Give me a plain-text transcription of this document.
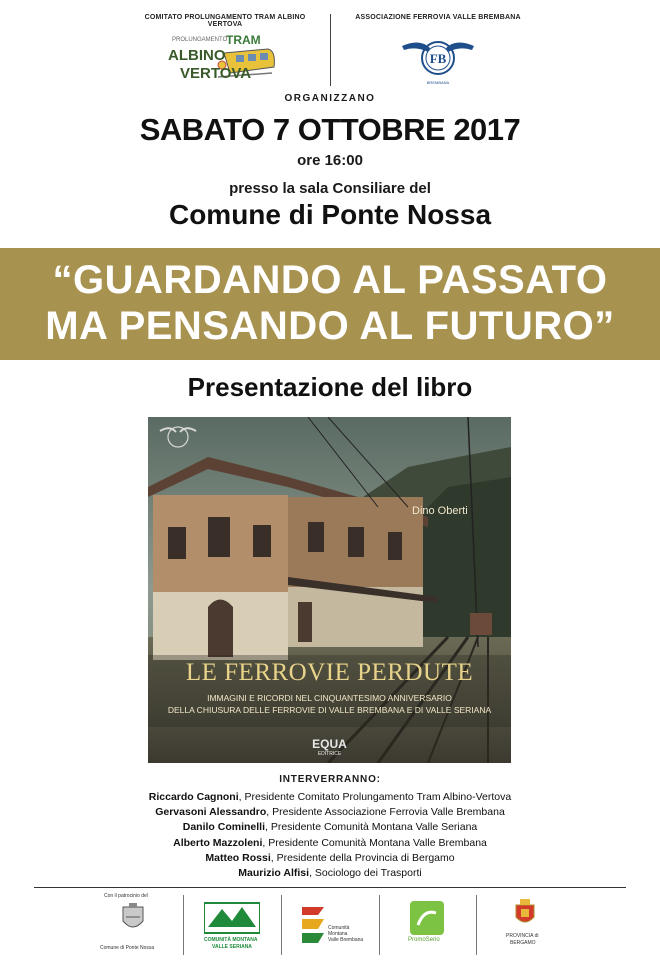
COMITATO PROLUNGAMENTO TRAM ALBINO VERTOVA
ASSOCIAZIONE FERROVIA VALLE BREMBANA
PROLUNGAMENTO
TRAM
ALBINO
VERTOVA
FB
BREMBANA
ORGANIZZANO
SABATO 7 OTTOBRE 2017
ore 16:00
presso la sala Consiliare del
Comune di Ponte Nossa
“GUARDANDO AL PASSATO
MA PENSANDO AL FUTURO”
Presentazione del libro
Dino Oberti
LE FERROVIE PERDUTE
IMMAGINI E RICORDI NEL CINQUANTESIMO ANNIVERSARIO
DELLA CHIUSURA DELLE FERROVIE DI VALLE BREMBANA E DI VALLE SERIANA
EQUA
EDITRICE
INTERVERRANNO:
Riccardo Cagnoni, Presidente Comitato Prolungamento Tram Albino-Vertova
Gervasoni Alessandro, Presidente Associazione Ferrovia Valle Brembana
Danilo Cominelli, Presidente Comunità Montana Valle Seriana
Alberto Mazzoleni, Presidente Comunità Montana Valle Brembana
Matteo Rossi, Presidente della Provincia di Bergamo
Maurizio Alfisi, Sociologo dei Trasporti
Con il patrocinio del
Comune di Ponte Nossa
COMUNITÀ MONTANA
VALLE SERIANA
Comunità
Montana
Valle Brembana	PromoSerio
PROVINCIA di
BERGAMO
